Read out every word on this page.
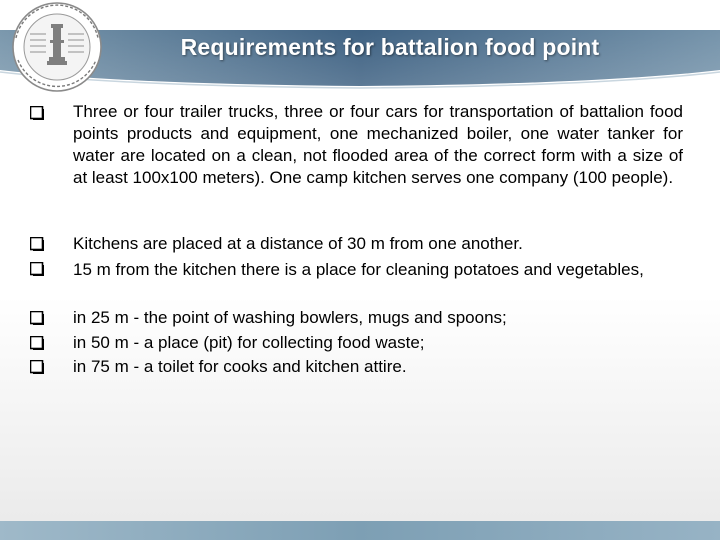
Requirements for battalion food point
Three or four trailer trucks, three or four cars for transportation of battalion food points products and equipment, one mechanized boiler, one water tanker for water are located on a clean, not flooded area of the correct form with a size of at least 100x100 meters). One camp kitchen serves one company (100 people).
Kitchens are placed at a distance of 30 m from one another.
15 m from the kitchen there is a place for cleaning potatoes and vegetables,
in 25 m - the point of washing bowlers, mugs and spoons;
in 50 m - a place (pit) for collecting food waste;
in 75 m - a toilet for cooks and kitchen attire.
